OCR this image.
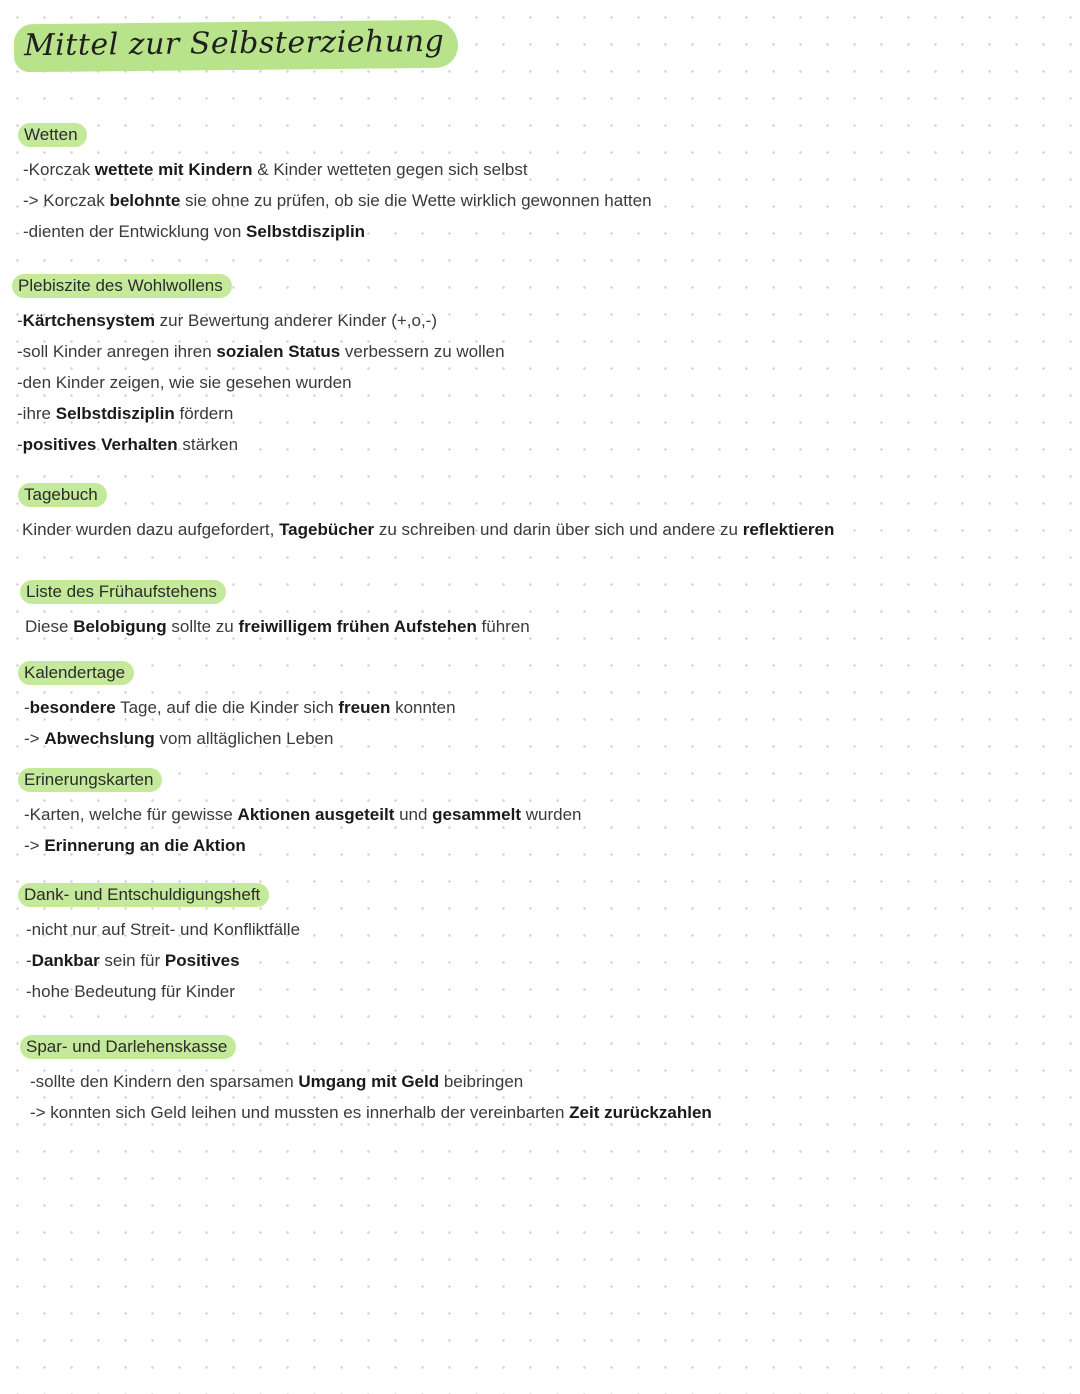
Mittel zur Selbsterziehung
Wetten
-Korczak wettete mit Kindern & Kinder wetteten gegen sich selbst
-> Korczak belohnte sie ohne zu prüfen, ob sie die Wette wirklich gewonnen hatten
-dienten der Entwicklung von Selbstdisziplin
Plebiszite des Wohlwollens
-Kärtchensystem zur Bewertung anderer Kinder (+,o,-)
-soll Kinder anregen ihren sozialen Status verbessern zu wollen
-den Kinder zeigen, wie sie gesehen wurden
-ihre Selbstdisziplin fördern
-positives Verhalten stärken
Tagebuch
Kinder wurden dazu aufgefordert, Tagebücher zu schreiben und darin über sich und andere zu reflektieren
Liste des Frühaufstehens
Diese Belobigung sollte zu freiwilligem frühen Aufstehen führen
Kalendertage
-besondere Tage, auf die die Kinder sich freuen konnten
-> Abwechslung vom alltäglichen Leben
Erinerungskarten
-Karten, welche für gewisse Aktionen ausgeteilt und gesammelt wurden
-> Erinnerung an die Aktion
Dank- und Entschuldigungsheft
-nicht nur auf Streit- und Konfliktfälle
-Dankbar sein für Positives
-hohe Bedeutung für Kinder
Spar- und Darlehenskasse
-sollte den Kindern den sparsamen Umgang mit Geld beibringen
-> konnten sich Geld leihen und mussten es innerhalb der vereinbarten Zeit zurückzahlen
